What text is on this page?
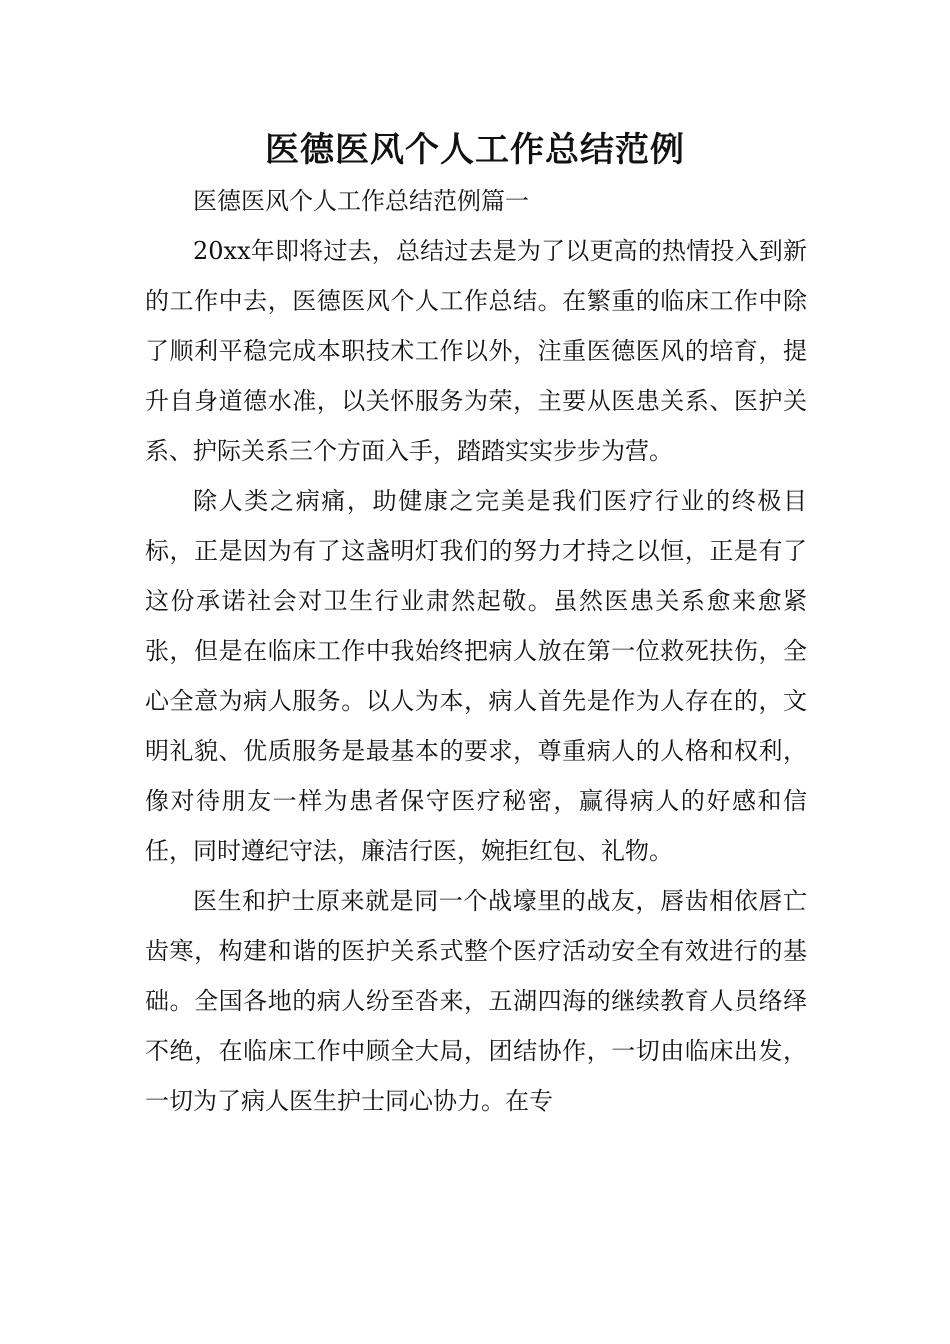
医德医风个人工作总结范例

医德医风个人工作总结范例篇一

20xx年即将过去，总结过去是为了以更高的热情投入到新的工作中去，医德医风个人工作总结。在繁重的临床工作中除了顺利平稳完成本职技术工作以外，注重医德医风的培育，提升自身道德水准，以关怀服务为荣，主要从医患关系、医护关系、护际关系三个方面入手，踏踏实实步步为营。

除人类之病痛，助健康之完美是我们医疗行业的终极目标，正是因为有了这盏明灯我们的努力才持之以恒，正是有了这份承诺社会对卫生行业肃然起敬。虽然医患关系愈来愈紧张，但是在临床工作中我始终把病人放在第一位救死扶伤，全心全意为病人服务。以人为本，病人首先是作为人存在的，文明礼貌、优质服务是最基本的要求，尊重病人的人格和权利，像对待朋友一样为患者保守医疗秘密，赢得病人的好感和信任，同时遵纪守法，廉洁行医，婉拒红包、礼物。

医生和护士原来就是同一个战壕里的战友，唇齿相依唇亡齿寒，构建和谐的医护关系式整个医疗活动安全有效进行的基础。全国各地的病人纷至沓来，五湖四海的继续教育人员络绎不绝，在临床工作中顾全大局，团结协作，一切由临床出发，一切为了病人医生护士同心协力。在专
